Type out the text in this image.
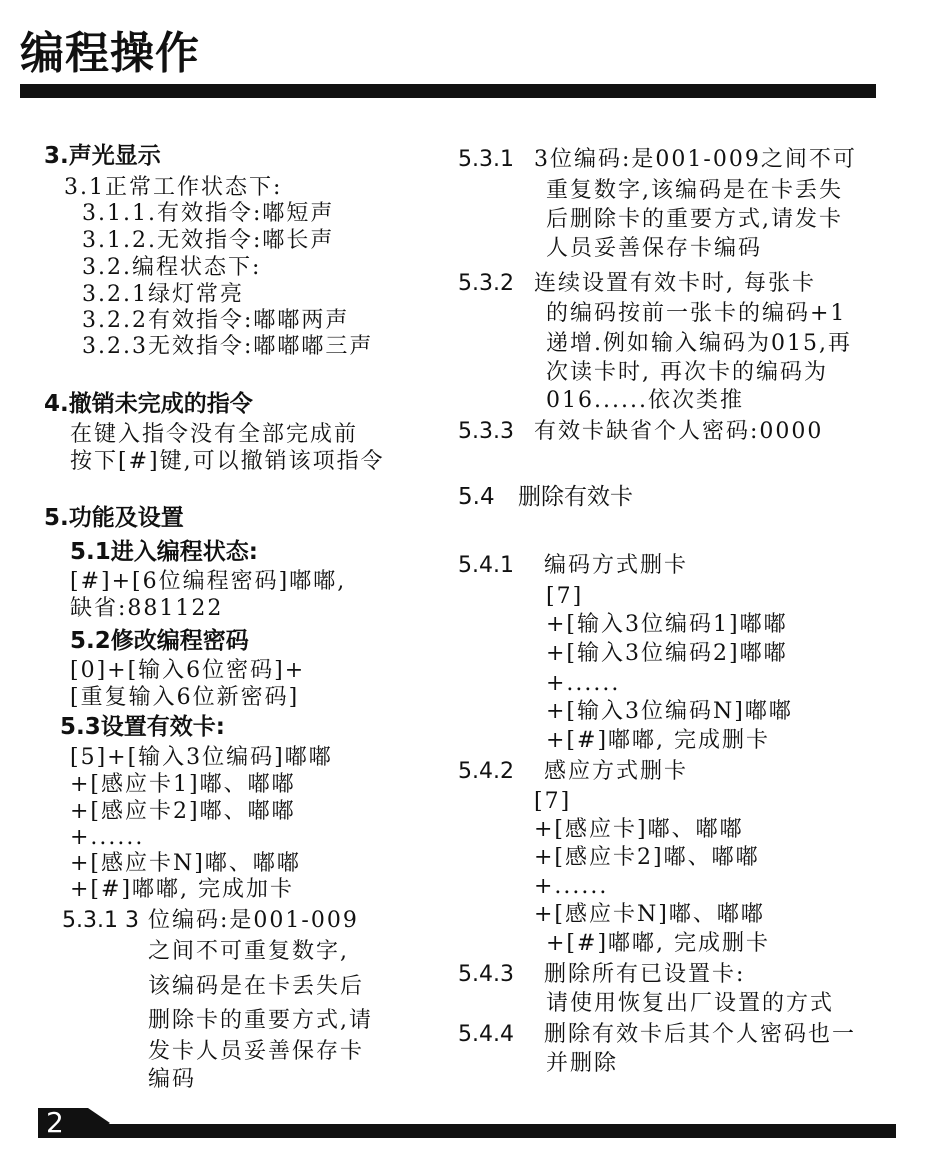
编程操作
3.声光显示
3.1正常工作状态下:
3.1.1.有效指令:嘟短声
3.1.2.无效指令:嘟长声
3.2.编程状态下:
3.2.1绿灯常亮
3.2.2有效指令:嘟嘟两声
3.2.3无效指令:嘟嘟嘟三声
4.撤销未完成的指令
在键入指令没有全部完成前
按下[#]键,可以撤销该项指令
5.功能及设置
5.1进入编程状态:
[#]+[6位编程密码]嘟嘟,
缺省:881122
5.2修改编程密码
[0]+[输入6位密码]+
[重复输入6位新密码]
5.3设置有效卡:
[5]+[输入3位编码]嘟嘟
+[感应卡1]嘟、嘟嘟
+[感应卡2]嘟、嘟嘟
+......
+[感应卡N]嘟、嘟嘟
+[#]嘟嘟, 完成加卡
5.3.1 3 位编码:是001-009
之间不可重复数字,
该编码是在卡丢失后
删除卡的重要方式,请
发卡人员妥善保存卡
编码
5.3.1 3位编码:是001-009之间不可
重复数字,该编码是在卡丢失
后删除卡的重要方式,请发卡
人员妥善保存卡编码
5.3.2 连续设置有效卡时, 每张卡
的编码按前一张卡的编码+1
递增.例如输入编码为015,再
次读卡时, 再次卡的编码为
016......依次类推
5.3.3 有效卡缺省个人密码:0000
5.4 删除有效卡
5.4.1 编码方式删卡
[7]
+[输入3位编码1]嘟嘟
+[输入3位编码2]嘟嘟
+......
+[输入3位编码N]嘟嘟
+[#]嘟嘟, 完成删卡
5.4.2 感应方式删卡
[7]
+[感应卡]嘟、嘟嘟
+[感应卡2]嘟、嘟嘟
+......
+[感应卡N]嘟、嘟嘟
+[#]嘟嘟, 完成删卡
5.4.3 删除所有已设置卡:
请使用恢复出厂设置的方式
5.4.4 删除有效卡后其个人密码也一
并删除
2
